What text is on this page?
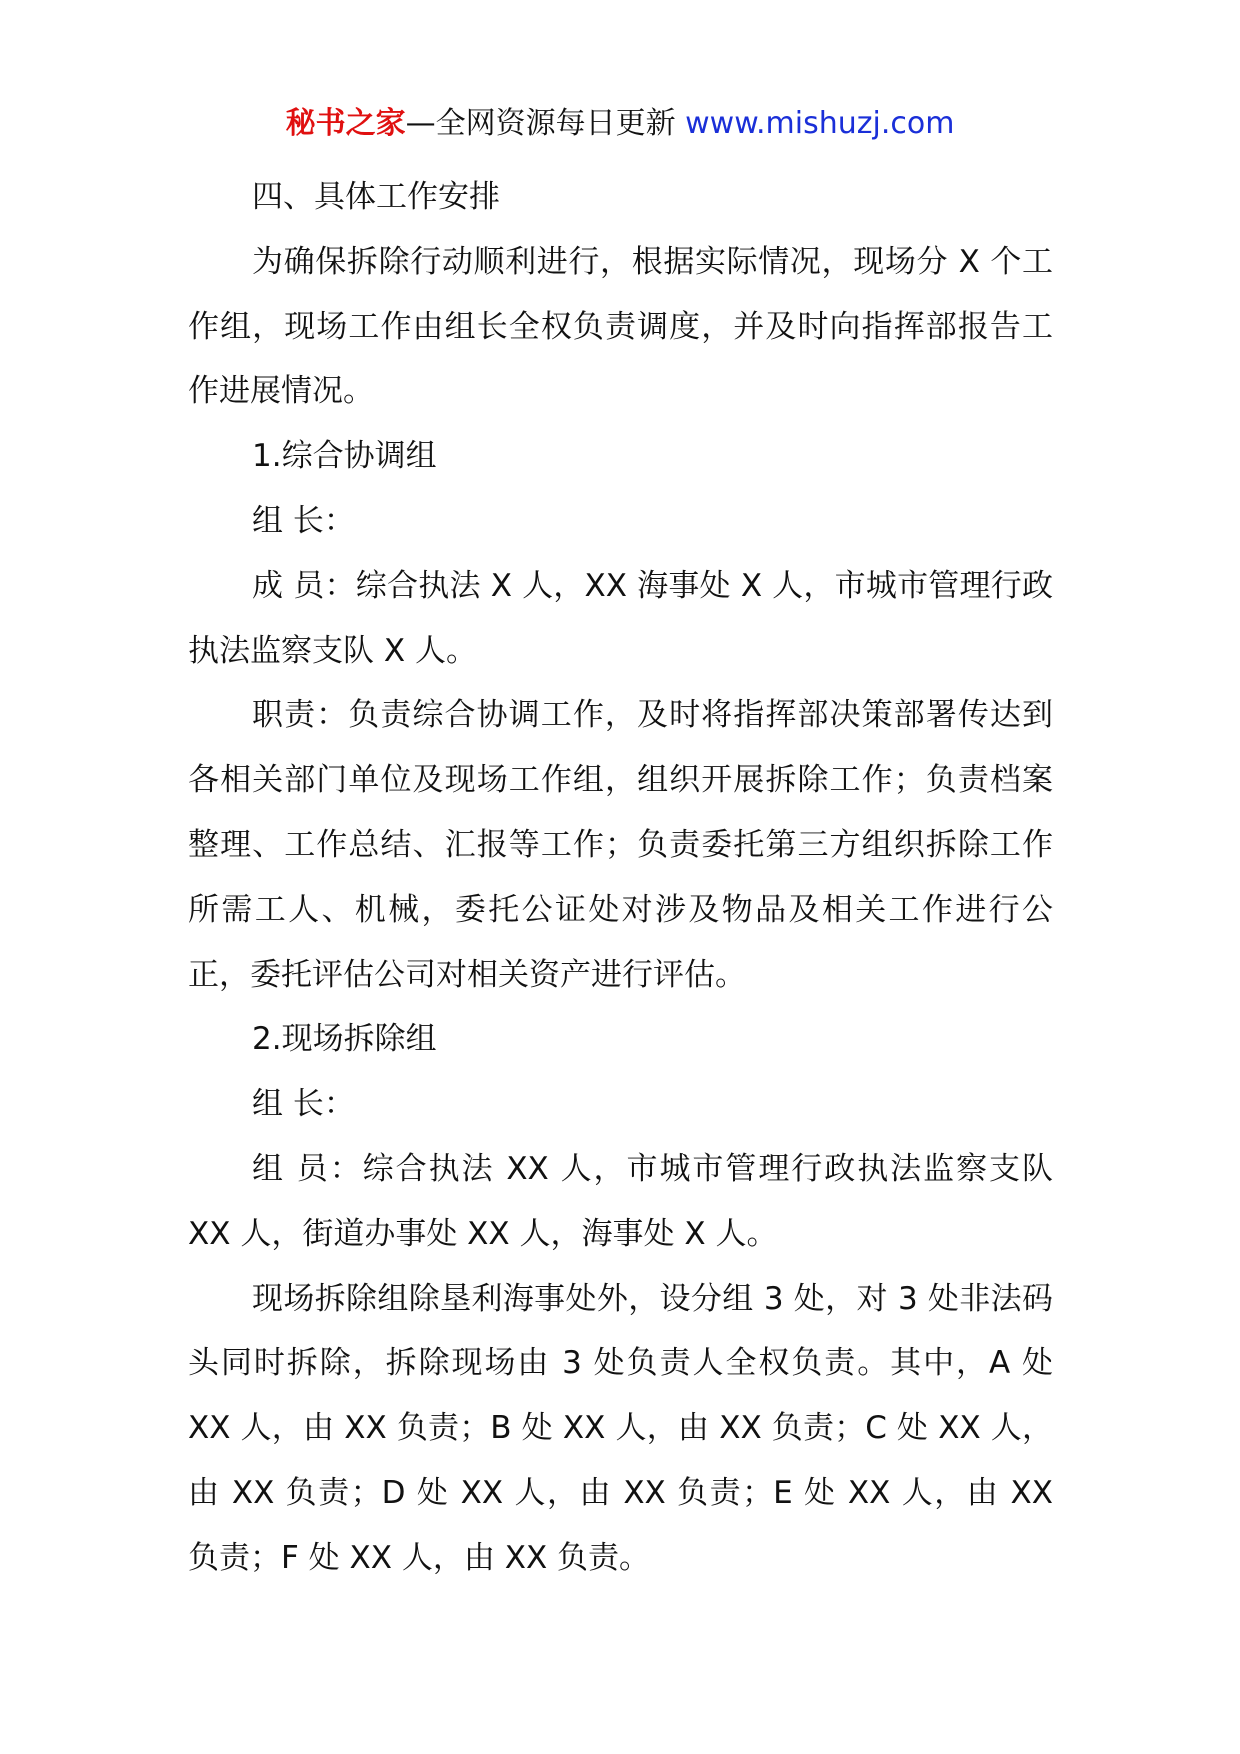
秘书之家—全网资源每日更新 www.mishuzj.com

四、具体工作安排

为确保拆除行动顺利进行，根据实际情况，现场分 X 个工作组，现场工作由组长全权负责调度，并及时向指挥部报告工作进展情况。

1.综合协调组

组 长：

成 员：综合执法 X 人，XX 海事处 X 人，市城市管理行政执法监察支队 X 人。

职责：负责综合协调工作，及时将指挥部决策部署传达到各相关部门单位及现场工作组，组织开展拆除工作；负责档案整理、工作总结、汇报等工作；负责委托第三方组织拆除工作所需工人、机械，委托公证处对涉及物品及相关工作进行公正，委托评估公司对相关资产进行评估。

2.现场拆除组

组 长：

组 员：综合执法 XX 人，市城市管理行政执法监察支队 XX 人，街道办事处 XX 人，海事处 X 人。

现场拆除组除垦利海事处外，设分组 3 处，对 3 处非法码头同时拆除，拆除现场由 3 处负责人全权负责。其中，A 处 XX 人，由 XX 负责；B 处 XX 人，由 XX 负责；C 处 XX 人，由 XX 负责；D 处 XX 人，由 XX 负责；E 处 XX 人，由 XX 负责；F 处 XX 人，由 XX 负责。
